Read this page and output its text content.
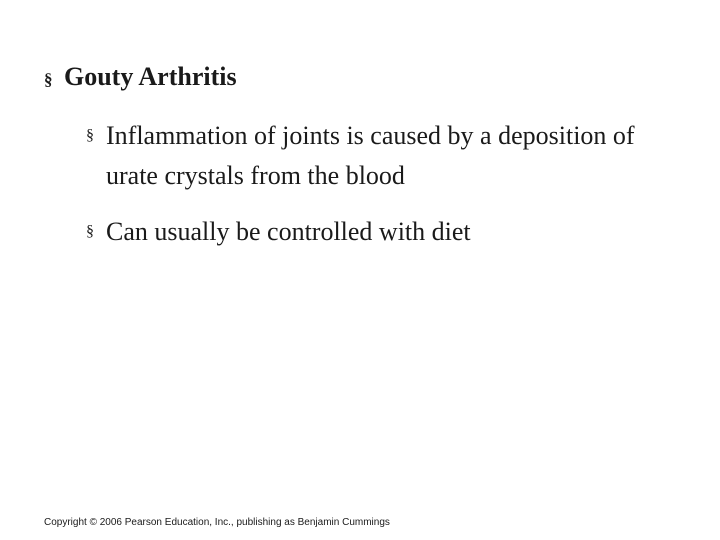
§ Gouty Arthritis
§ Inflammation of joints is caused by a deposition of urate crystals from the blood
§ Can usually be controlled with diet
Copyright © 2006 Pearson Education, Inc., publishing as Benjamin Cummings
